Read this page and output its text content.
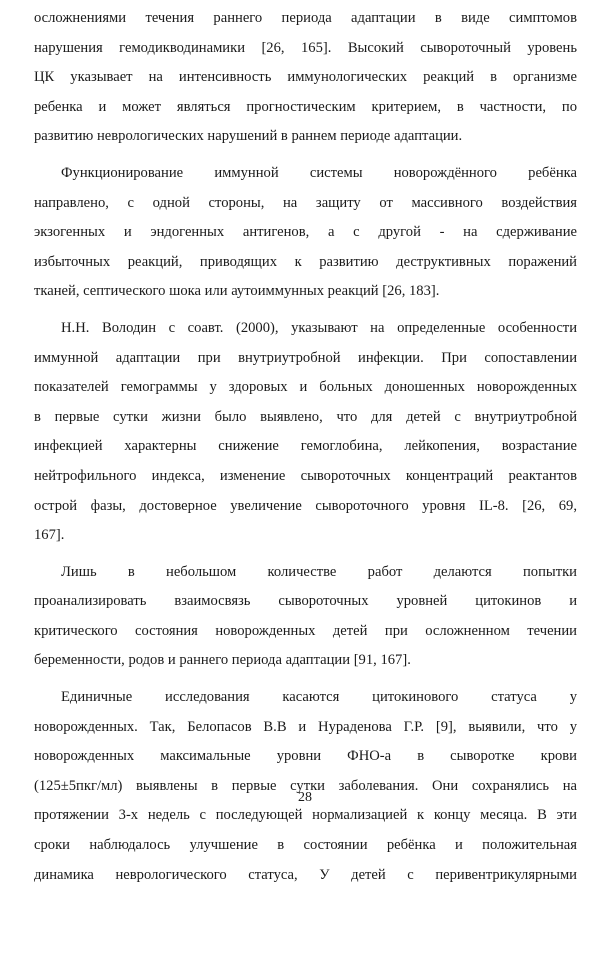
осложнениями течения раннего периода адаптации в виде симптомов
нарушения гемодикводинамики [26, 165]. Высокий сывороточный уровень
ЦК указывает на интенсивность иммунологических реакций в организме
ребенка и может являться прогностическим критерием, в частности, по
развитию неврологических нарушений в раннем периоде адаптации.

Функционирование иммунной системы новорождённого ребёнка
направлено, с одной стороны, на защиту от массивного воздействия
экзогенных и эндогенных антигенов, а с другой - на сдерживание
избыточных реакций, приводящих к развитию деструктивных поражений
тканей, септического шока или аутоиммунных реакций [26, 183].

Н.Н. Володин с соавт. (2000), указывают на определенные особенности
иммунной адаптации при внутриутробной инфекции. При сопоставлении
показателей гемограммы у здоровых и больных доношенных новорожденных
в первые сутки жизни было выявлено, что для детей с внутриутробной
инфекцией характерны снижение гемоглобина, лейкопения, возрастание
нейтрофильного индекса, изменение сывороточных концентраций реактантов
острой фазы, достоверное увеличение сывороточного уровня IL-8. [26, 69,
167].

Лишь в небольшом количестве работ делаются попытки
проанализировать взаимосвязь сывороточных уровней цитокинов и
критического состояния новорожденных детей при осложненном течении
беременности, родов и раннего периода адаптации [91, 167].

Единичные исследования касаются цитокинового статуса у
новорожденных. Так, Белопасов В.В и Нураденова Г.Р. [9], выявили, что у
новорожденных максимальные уровни ФНО-а в сыворотке крови
(125±5пкг/мл) выявлены в первые сутки заболевания. Они сохранялись на
протяжении 3-х недель с последующей нормализацией к концу месяца. В эти
сроки наблюдалось улучшение в состоянии ребёнка и положительная
динамика неврологического статуса, У детей с перивентрикулярными

28
